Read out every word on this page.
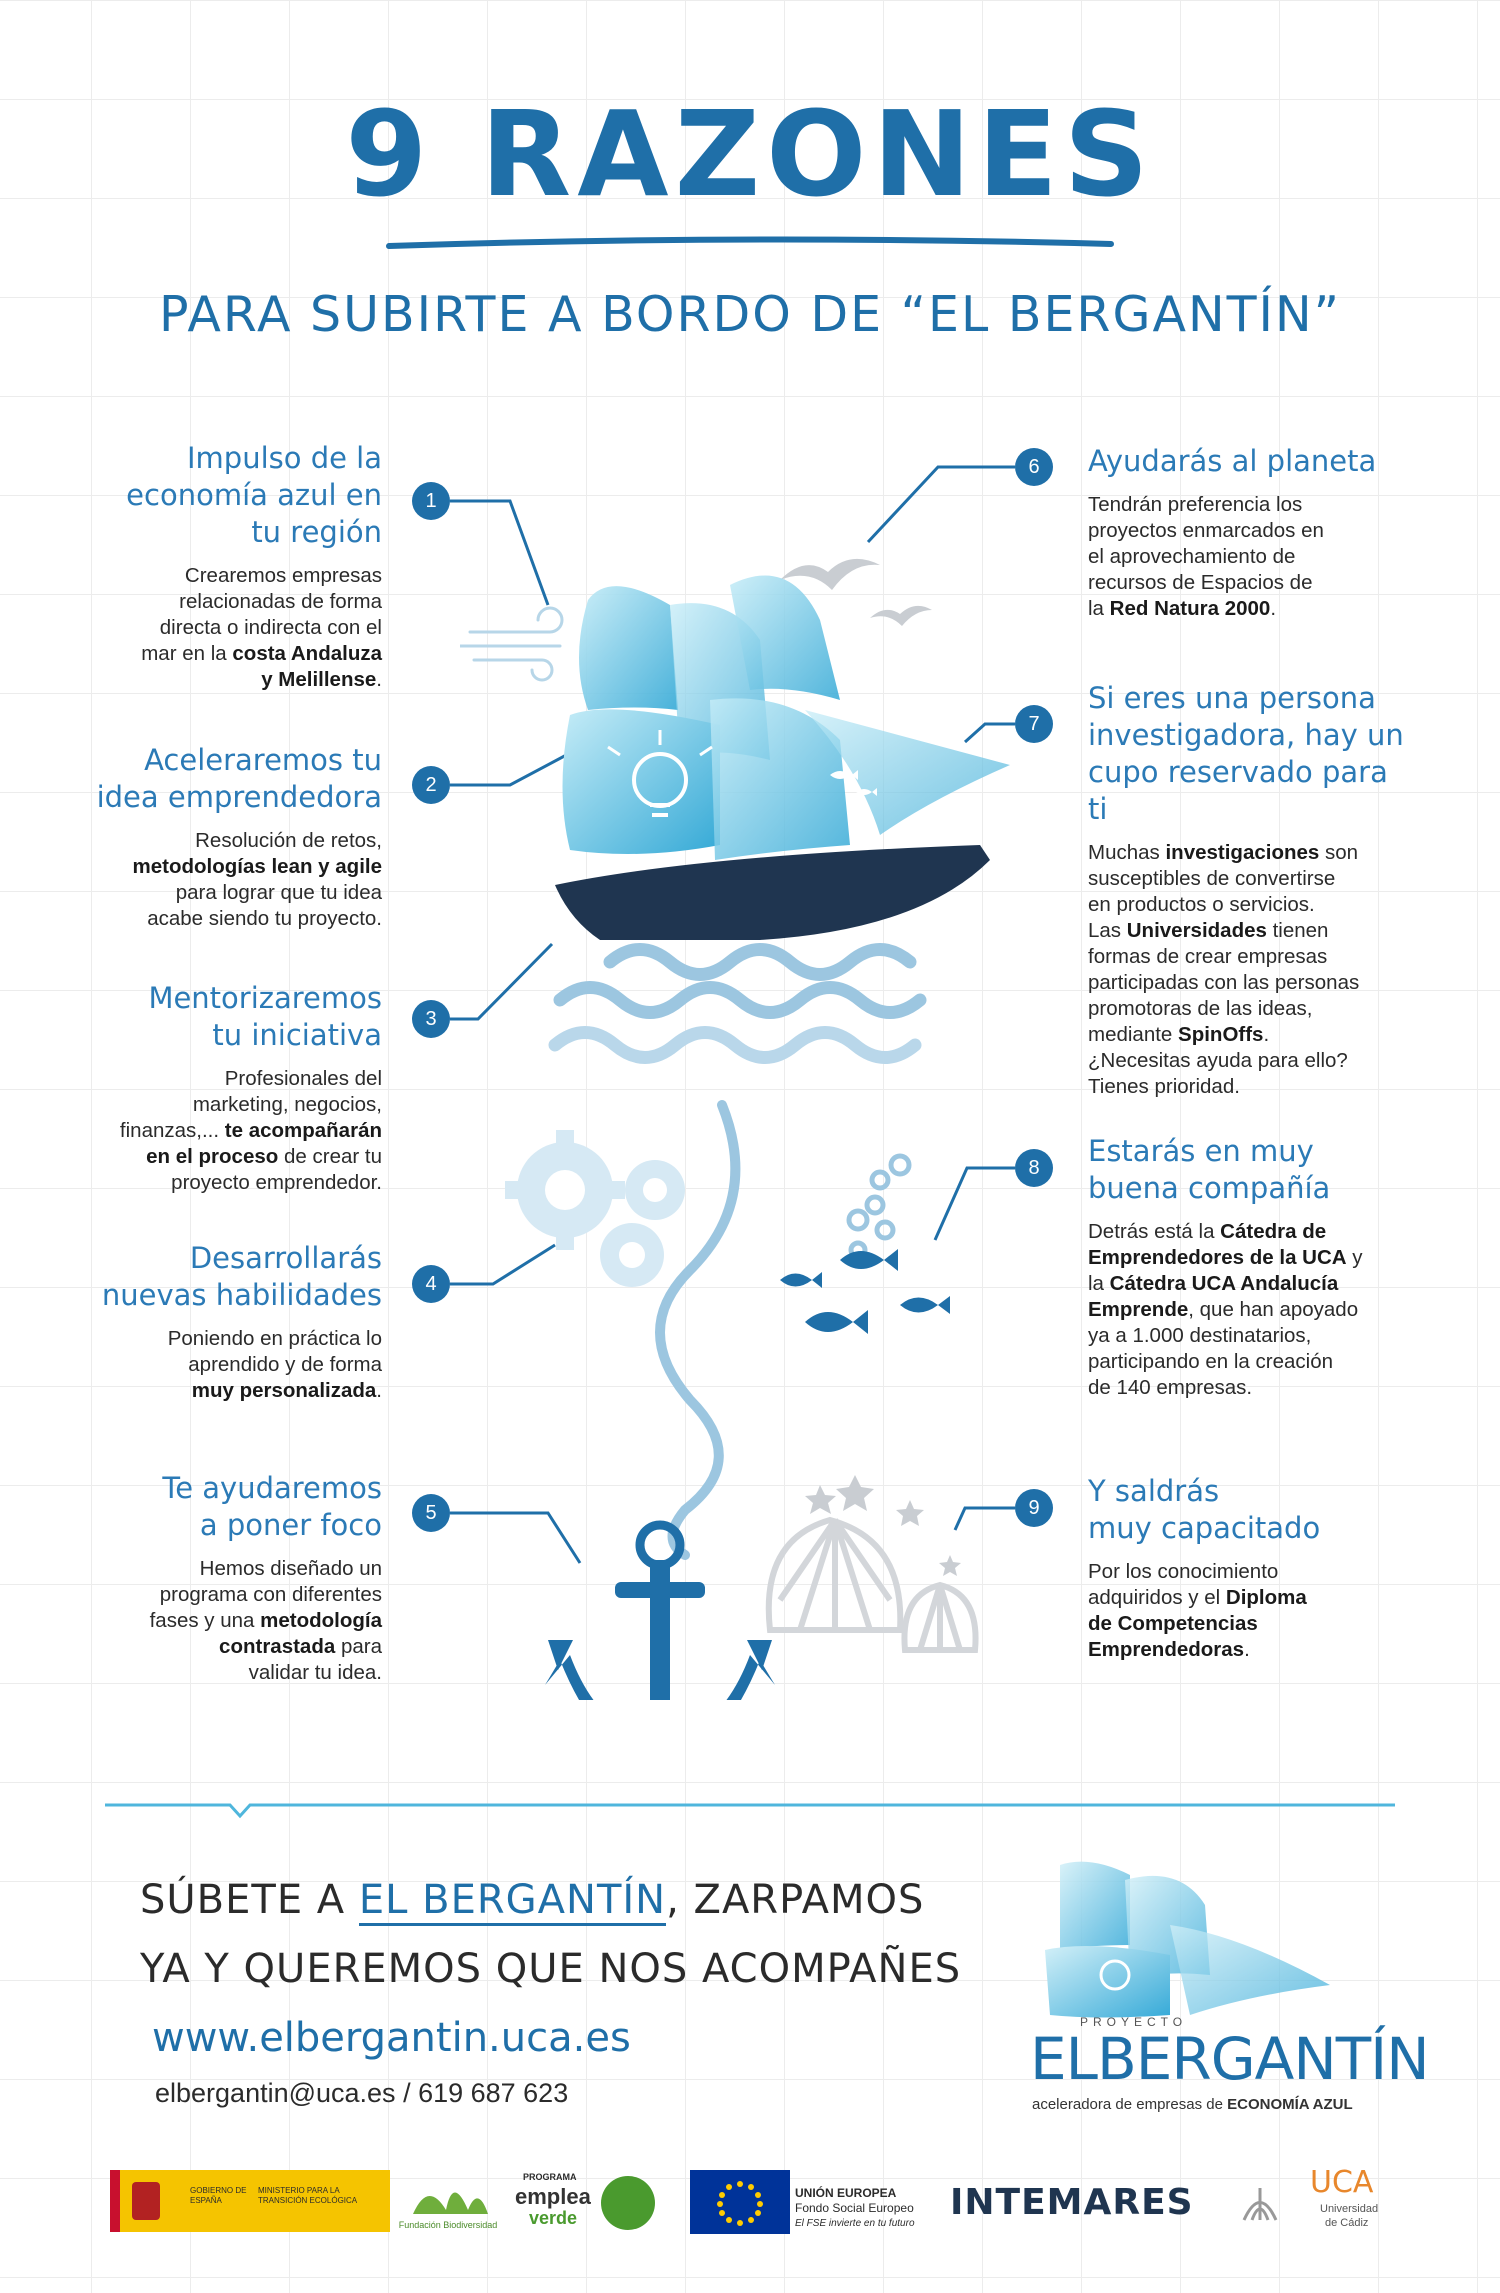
9 RAZONES
PARA SUBIRTE A BORDO DE “EL BERGANTÍN”
Impulso de la
economía azul en
tu región
Crearemos empresas
relacionadas de forma
directa o indirecta con el
mar en la costa Andaluza
y Melillense.
Aceleraremos tu
idea emprendedora
Resolución de retos,
metodologías lean y agile
para lograr que tu idea
acabe siendo tu proyecto.
Mentorizaremos
tu iniciativa
Profesionales del
marketing, negocios,
finanzas,... te acompañarán
en el proceso de crear tu
proyecto emprendedor.
Desarrollarás
nuevas habilidades
Poniendo en práctica lo
aprendido y de forma
muy personalizada.
Te ayudaremos
a poner foco
Hemos diseñado un
programa con diferentes
fases y una metodología
contrastada para
validar tu idea.
Ayudarás al planeta
Tendrán preferencia los
proyectos enmarcados en
el aprovechamiento de
recursos de Espacios de
la Red Natura 2000.
Si eres una persona
investigadora, hay un
cupo reservado para ti
Muchas investigaciones son
susceptibles de convertirse
en productos o servicios.
Las Universidades tienen
formas de crear empresas
participadas con las personas
promotoras de las ideas,
mediante SpinOffs.
¿Necesitas ayuda para ello?
Tienes prioridad.
Estarás en muy
buena compañía
Detrás está la Cátedra de
Emprendedores de la UCA y
la Cátedra UCA Andalucía
Emprende, que han apoyado
ya a 1.000 destinatarios,
participando en la creación
de 140 empresas.
Y saldrás
muy capacitado
Por los conocimiento
adquiridos y el Diploma
de Competencias
Emprendedoras.
1
2
3
4
5
6
7
8
9
SÚBETE A EL BERGANTÍN, ZARPAMOS
YA Y QUEREMOS QUE NOS ACOMPAÑES
www.elbergantin.uca.es
elbergantin@uca.es / 619 687 623
PROYECTO
ELBERGANTÍN
aceleradora de empresas de ECONOMÍA AZUL
GOBIERNO DE ESPAÑA
MINISTERIO PARA LA TRANSICIÓN ECOLÓGICA
Fundación Biodiversidad
PROGRAMA
emplea
verde
UNIÓN EUROPEA
Fondo Social Europeo
El FSE invierte en tu futuro
INTEMARES	UCA
Universidad
de Cádiz
